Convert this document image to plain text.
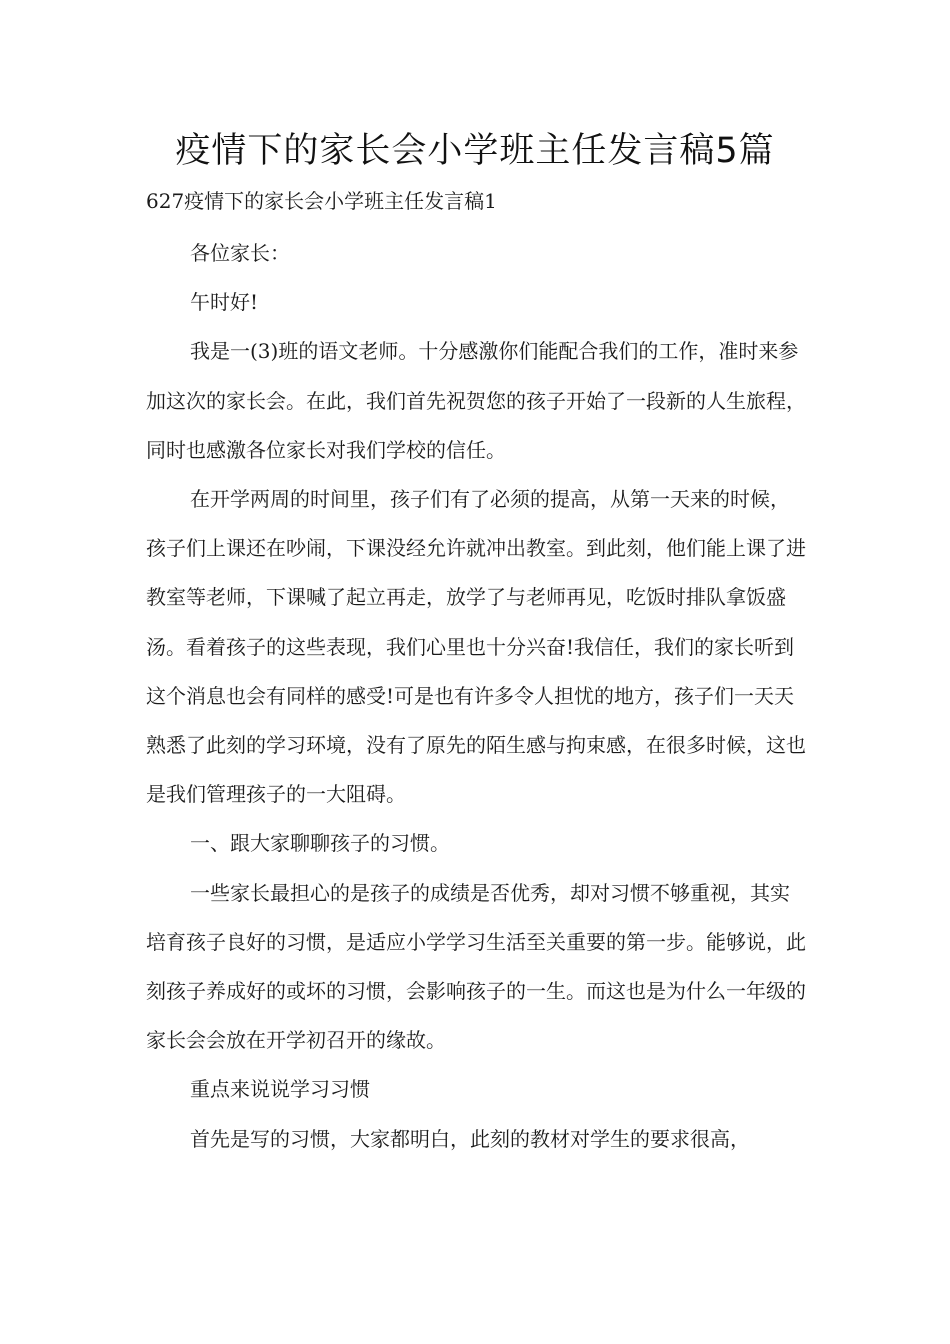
疫情下的家长会小学班主任发言稿5篇
627疫情下的家长会小学班主任发言稿1

各位家长：

午时好!

我是一(3)班的语文老师。十分感激你们能配合我们的工作，准时来参加这次的家长会。在此，我们首先祝贺您的孩子开始了一段新的人生旅程，同时也感激各位家长对我们学校的信任。

在开学两周的时间里，孩子们有了必须的提高，从第一天来的时候，孩子们上课还在吵闹，下课没经允许就冲出教室。到此刻，他们能上课了进教室等老师，下课喊了起立再走，放学了与老师再见，吃饭时排队拿饭盛汤。看着孩子的这些表现，我们心里也十分兴奋!我信任，我们的家长听到这个消息也会有同样的感受!可是也有许多令人担忧的地方，孩子们一天天熟悉了此刻的学习环境，没有了原先的陌生感与拘束感，在很多时候，这也是我们管理孩子的一大阻碍。

一、跟大家聊聊孩子的习惯。

一些家长最担心的是孩子的成绩是否优秀，却对习惯不够重视，其实培育孩子良好的习惯，是适应小学学习生活至关重要的第一步。能够说，此刻孩子养成好的或坏的习惯，会影响孩子的一生。而这也是为什么一年级的家长会会放在开学初召开的缘故。

重点来说说学习习惯

首先是写的习惯，大家都明白，此刻的教材对学生的要求很高，
